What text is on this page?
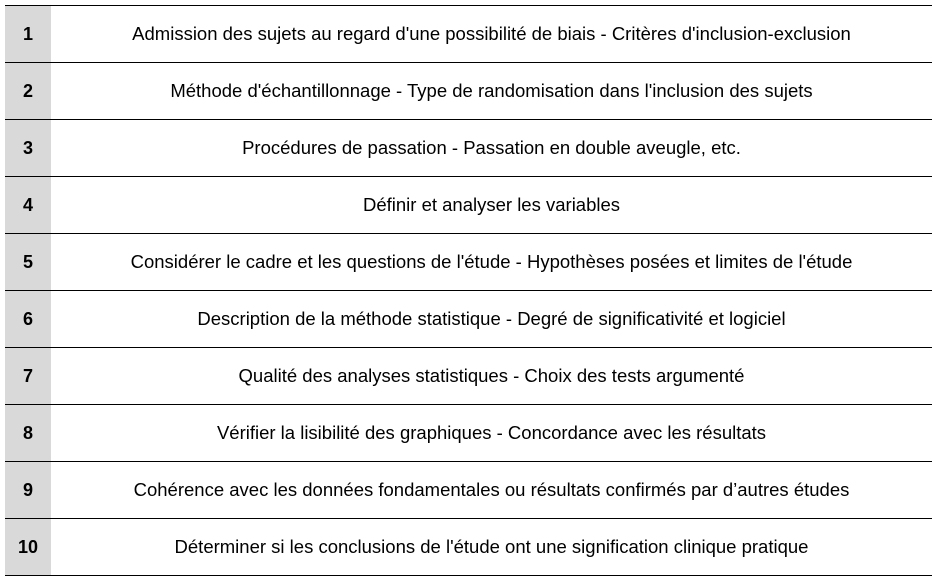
1	Admission des sujets au regard d'une possibilité de biais - Critères d'inclusion-exclusion
2	Méthode d'échantillonnage - Type de randomisation dans l'inclusion des sujets
3	Procédures de passation - Passation en double aveugle, etc.
4	Définir et analyser les variables
5	Considérer le cadre et les questions de l'étude - Hypothèses posées et limites de l'étude
6	Description de la méthode statistique - Degré de significativité et logiciel
7	Qualité des analyses statistiques - Choix des tests argumenté
8	Vérifier la lisibilité des graphiques - Concordance avec les résultats
9	Cohérence avec les données fondamentales ou résultats confirmés par d’autres études
10	Déterminer si les conclusions de l'étude ont une signification clinique pratique
